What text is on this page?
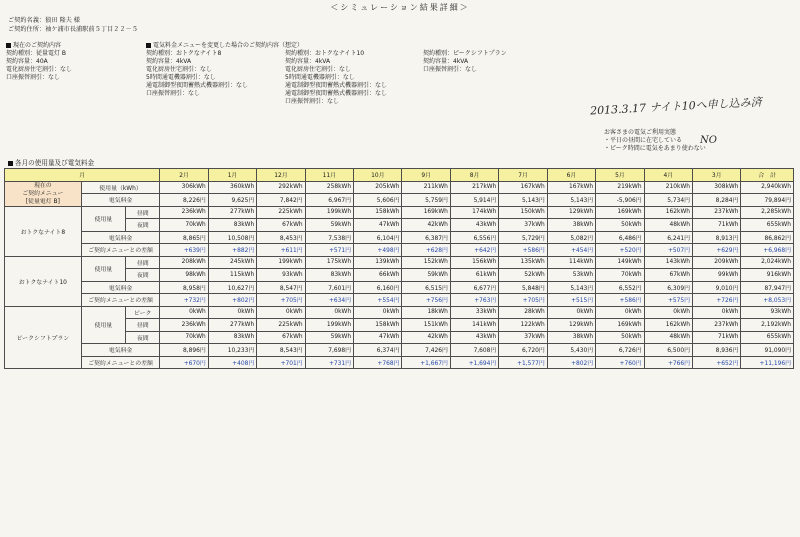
＜シミュレーション結果詳細＞
ご契約名義：狼田 隆夫 様
ご契約住所：袖ケ浦市長浦駅前５丁目２２－５
現在のご契約内容
契約種別：従量電灯 B
契約容量：40A
電化厨房住宅割引：なし
口座振替割引：なし
電気料金メニューを変更した場合のご契約内容（想定）
契約種別：おトクなナイト8
契約容量：4kVA
電化厨房住宅割引：なし
5時間通電機器割引：なし
通電制御型夜間蓄熱式機器割引：なし
口座振替割引：なし
契約種別：おトクなナイト10
契約容量：4kVA
電化厨房住宅割引：なし
5時間通電機器割引：なし
通電制御型夜間蓄熱式機器割引：なし
通電制御型夜間蓄熱式機器割引：なし
口座振替割引：なし
契約種別：ピークシフトプラン
契約容量：4kVA
口座振替割引：なし
2013.3.17 ナイト10へ申し込み済
お客さまの電気ご利用実態
・平日の昼間に在宅している
・ピーク時間に電気をあまり使わない
NO
各月の使用量及び電気料金
月			2月	1月	12月	11月	10月	9月	8月	7月	6月	5月	4月	3月	合　計
現在の
ご契約メニュー
[従量電灯 B]	使用量（kWh）		306kWh	360kWh	292kWh	258kWh	205kWh	211kWh	217kWh	167kWh	167kWh	219kWh	210kWh	308kWh	2,940kWh
	電気料金		8,226円	9,625円	7,842円	6,967円	5,606円	5,759円	5,914円	5,143円	5,143円	-5,906円	5,734円	8,284円	79,894円
おトクなナイト8	使用量	昼間	236kWh	277kWh	225kWh	199kWh	158kWh	169kWh	174kWh	150kWh	129kWh	169kWh	162kWh	237kWh	2,285kWh
		夜間	70kWh	83kWh	67kWh	59kWh	47kWh	42kWh	43kWh	37kWh	38kWh	50kWh	48kWh	71kWh	655kWh
	電気料金		8,865円	10,508円	8,453円	7,538円	6,104円	6,387円	6,556円	5,729円	5,082円	6,486円	6,241円	8,913円	86,862円
	ご契約メニューとの差額		+639円	+882円	+611円	+571円	+498円	+628円	+642円	+586円	+454円	+520円	+507円	+629円	+6,968円
おトクなナイト10	使用量	昼間	208kWh	245kWh	199kWh	175kWh	139kWh	152kWh	156kWh	135kWh	114kWh	149kWh	143kWh	209kWh	2,024kWh
		夜間	98kWh	115kWh	93kWh	83kWh	66kWh	59kWh	61kWh	52kWh	53kWh	70kWh	67kWh	99kWh	916kWh
	電気料金		8,958円	10,627円	8,547円	7,601円	6,160円	6,515円	6,677円	5,848円	5,143円	6,552円	6,309円	9,010円	87,947円
	ご契約メニューとの差額		+732円	+802円	+705円	+634円	+554円	+756円	+763円	+705円	+515円	+586円	+575円	+726円	+8,053円
ピークシフトプラン	使用量	ピーク	0kWh	0kWh	0kWh	0kWh	0kWh	18kWh	33kWh	28kWh	0kWh	0kWh	0kWh	0kWh	93kWh
		昼間	236kWh	277kWh	225kWh	199kWh	158kWh	151kWh	141kWh	122kWh	129kWh	169kWh	162kWh	237kWh	2,192kWh
		夜間	70kWh	83kWh	67kWh	59kWh	47kWh	42kWh	43kWh	37kWh	38kWh	50kWh	48kWh	71kWh	655kWh
	電気料金		8,896円	10,233円	8,543円	7,698円	6,374円	7,426円	7,608円	6,720円	5,430円	6,726円	6,500円	8,936円	91,090円
	ご契約メニューとの差額		+670円	+408円	+701円	+731円	+768円	+1,667円	+1,694円	+1,577円	+802円	+760円	+766円	+652円	+11,196円
